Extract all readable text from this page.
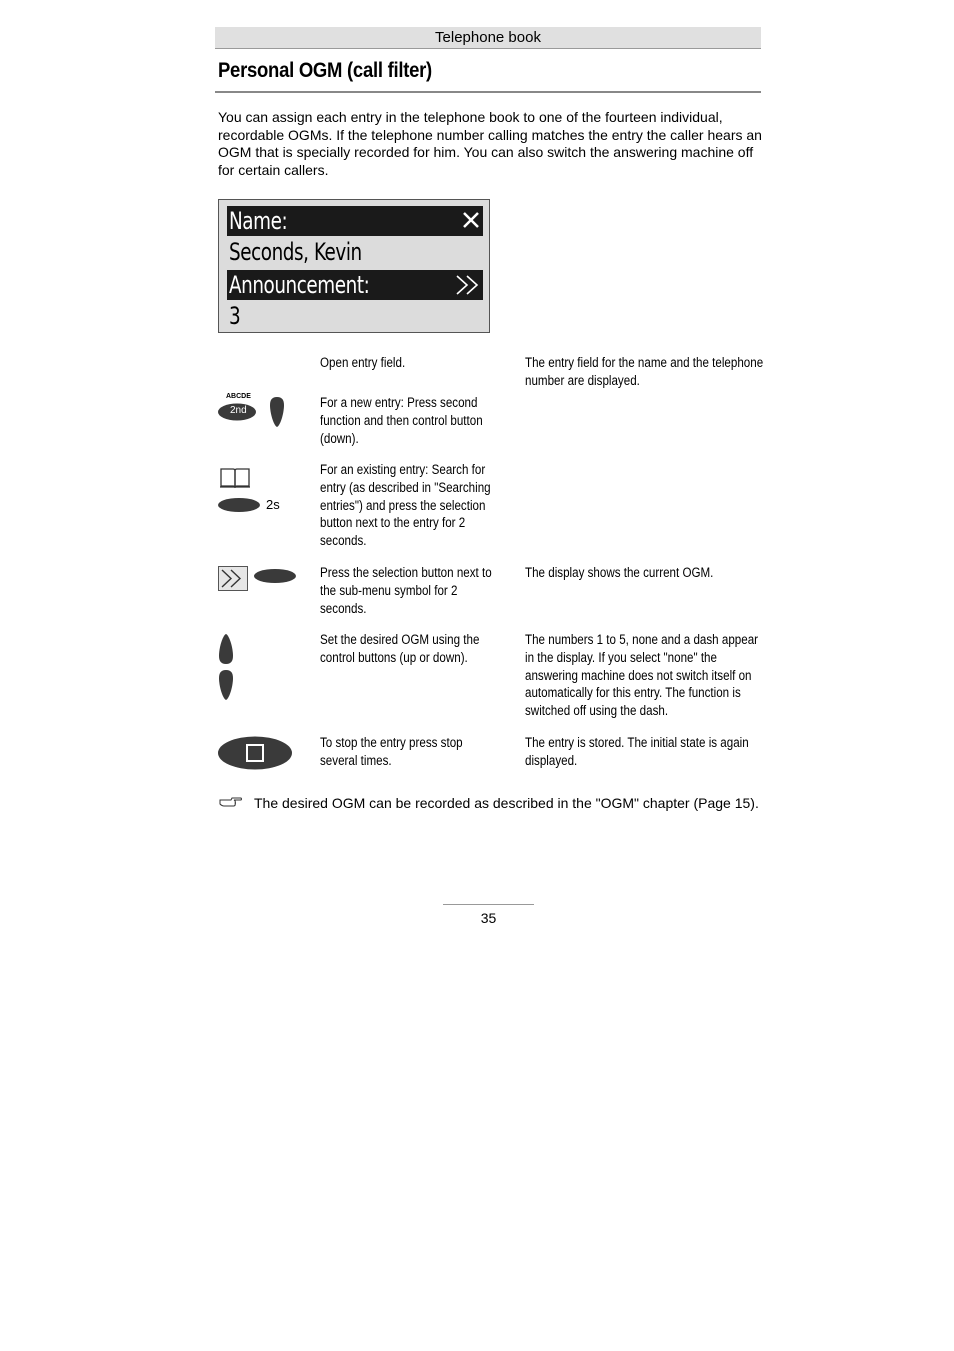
Telephone book
Personal OGM (call filter)
You can assign each entry in the telephone book to one of the fourteen individual, recordable OGMs. If the telephone number calling matches the entry the caller hears an OGM that is specially recorded for him. You can also switch the answering machine off for certain callers.
Name:
Seconds, Kevin
Announcement:
3
Open entry field.	The entry field for the name and the telephone number are displayed.
ABCDE
2nd
For a new entry: Press second function and then control button (down).
2s
For an existing entry: Search for entry (as described in "Searching entries") and press the selection button next to the entry for 2 seconds.
Press the selection button next to the sub-menu symbol for 2 seconds.
The display shows the current OGM.
Set the desired OGM using the control buttons (up or down).
The numbers 1 to 5, none and a dash appear in the display. If you select "none" the answering machine does not switch itself on automatically for this entry. The function is switched off using the dash.
To stop the entry press stop several times.
The entry is stored. The initial state is again displayed.
The desired OGM can be recorded as described in the "OGM" chapter (Page 15).
35
